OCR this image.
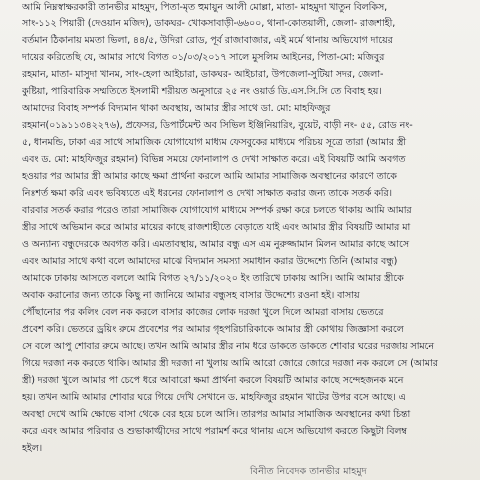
আমি নিম্নস্বাক্ষরকারী তানভীর মাহমুদ, পিতা-মৃত হুমায়ুন আলী মোল্লা, মাতা- মাহমুদা খাতুন বিলকিস,
সাং-১১২ পিয়ারী (দেওয়ান মজিদ), ডাকঘর- খোকসাবাড়ী-৬৬০০, থানা-কোতয়ালী, জেলা- রাজশাহী,
বর্তমান ঠিকানায় মমতা ভিলা, ৪৪/৫, উদিরা রোড, পূর্ব রাজাবাজার, এই মর্মে থানায় অভিযোগ দায়ের
দায়ের করিতেছি যে, আমার সাথে বিগত ০১/০৩/২০১৭ সালে মুসলিম আইনের, পিতা-মো: মজিবুর
রহমান, মাতা- মাসুদা খানম, সাং-হেলা আইচারা, ডাকঘর- আইচারা, উপজেলা-সুটিয়া সদর, জেলা-
কুষ্টিয়া, পারিবারিক সম্মতিতে ইসলামী শরীয়ত অনুসারে ২৫ নং ওয়ার্ড ডি.এস.সি.সি তে বিবাহ হয়।
আমাদের বিবাহ সম্পর্ক বিদ্যমান থাকা অবস্থায়, আমার স্ত্রীর সাথে ডা. মো: মাহফিজুর
রহমান(০১৯১১৩৪২২৭৬), প্রফেসর, ডিপার্টমেন্ট অব সিভিল ইঞ্জিনিয়ারিং, বুয়েট, বাড়ী নং- ৫৫, রোড নং-
৫, ধানমন্ডি, ঢাকা এর সাথে সামাজিক যোগাযোগ মাধ্যম ফেসবুকের মাধ্যমে পরিচয় সূত্রে তারা (আমার স্ত্রী
এবং ড. মো: মাহফিজুর রহমান) বিভিন্ন সময়ে ফোনালাপ ও দেখা সাক্ষাত করে। এই বিষয়টি আমি অবগত
হওয়ার পর আমার স্ত্রী আমার কাছে ক্ষমা প্রার্থনা করলে আমি আমার সামাজিক অবস্থানের কারণে তাকে
নিঃশর্ত ক্ষমা করি এবং ভবিষ্যতে এই ধরনের ফোনালাপ ও দেখা সাক্ষাত করার জন্য তাকে সতর্ক করি।
বারবার সতর্ক করার পরেও তারা সামাজিক যোগাযোগ মাধ্যমে সম্পর্ক রক্ষা করে চলতে থাকায় আমি আমার
স্ত্রীর সাথে অভিমান করে আমার মায়ের কাছে রাজশাহীতে বেড়াতে যাই এবং আমার স্ত্রীর বিষয়টি আমার মা
ও অন্যান্য বন্ধুদেরকে অবগত করি। এমতাবস্থায়, আমার বন্ধু এস এম নুরুজ্জামান মিলন আমার কাছে আসে
এবং আমার সাথে কথা বলে আমাদের মাঝে বিদ্যমান সমস্যা সমাধান করার উদ্দেশ্যে তিনি (আমার বন্ধু)
আমাকে ঢাকায় আসতে বললে আমি বিগত ২৭/১১/২০২০ ইং তারিখে ঢাকায় আসি। আমি আমার স্ত্রীকে
অবাক করানোর জন্য তাকে কিছু না জানিয়ে আমার বন্ধুসহ বাসার উদ্দেশ্যে রওনা হই। বাসায়
পৌঁছানোর পর কলিং বেল নক করলে বাসার কাজের লোক দরজা খুলে দিলে আমরা বাসায় ভেতরে
প্রবেশ করি। ভেতরে ড্রয়িং রুমে প্রবেশের পর আমার গৃহপরিচারিকাকে আমার স্ত্রী কোথায় জিজ্ঞাসা করলে
সে বলে আপু শোবার রুমে আছে। তখন আমি আমার স্ত্রীর নাম ধরে ডাকতে ডাকতে শোবার ঘরের দরজায় সামনে
গিয়ে দরজা নক করতে থাকি। আমার স্ত্রী দরজা না খুলায় আমি আরো জোরে জোরে দরজা নক করলে সে (আমার
স্ত্রী) দরজা খুলে আমার পা চেপে ধরে আবারো ক্ষমা প্রার্থনা করলে বিষয়টি আমার কাছে সন্দেহজনক মনে
হয়। তখন আমি আমার শোবার ঘরে গিয়ে দেখি সেখানে ড. মাহফিজুর রহমান খাটের উপর বসে আছে। এ
অবস্থা দেখে আমি ক্ষোভে বাসা থেকে বের হয়ে চলে আসি। তারপর আমার সামাজিক অবস্থানের কথা চিন্তা
করে এবং আমার পরিবার ও শুভাকাঙ্খীদের সাথে পরামর্শ করে থানায় এসে অভিযোগ করতে কিছুটা বিলম্ব
হইল।
বিনীত নিবেদক তানভীর মাহমুদ
